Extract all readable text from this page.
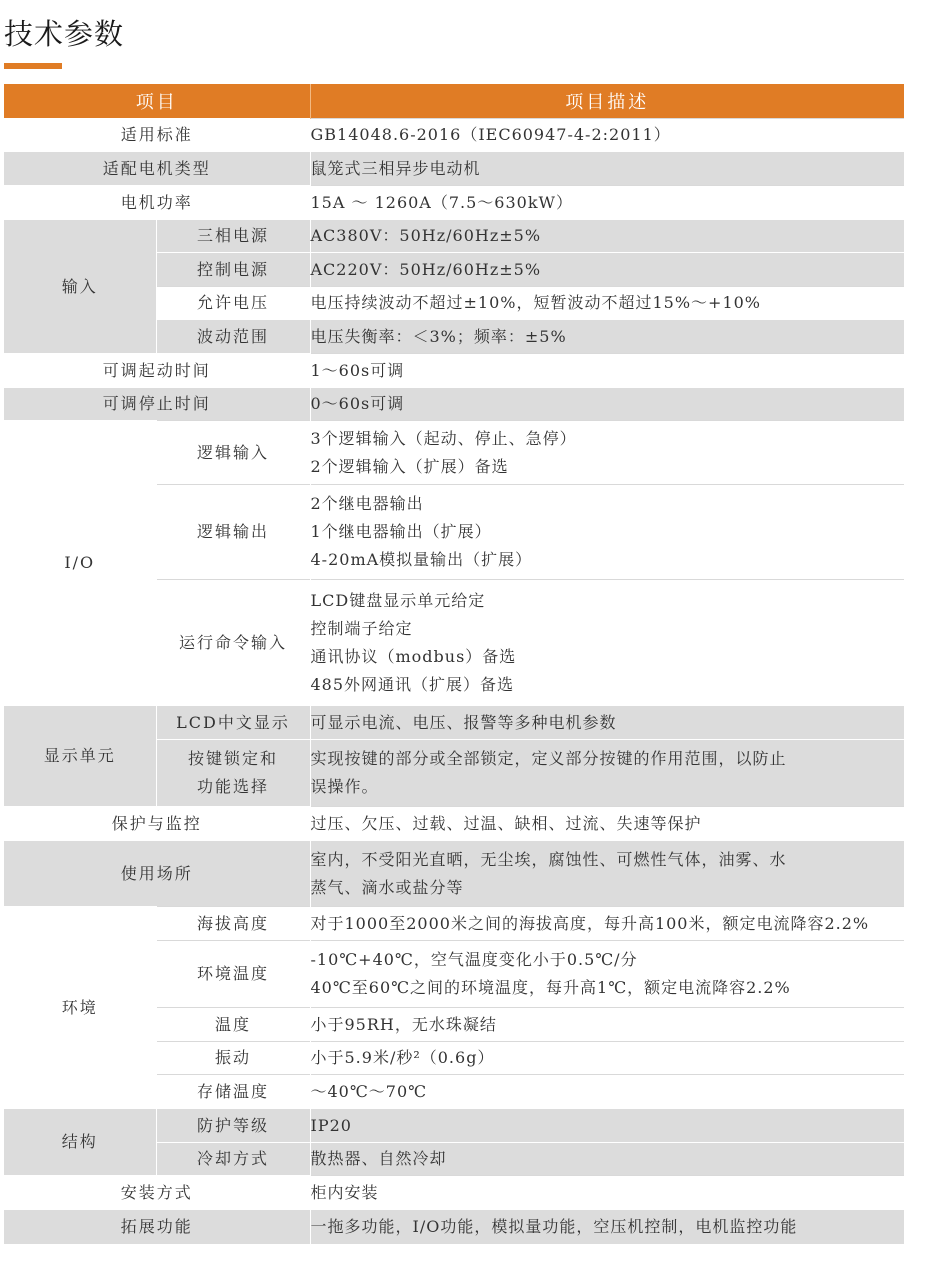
技术参数
项目		项目描述
适用标准		GB14048.6-2016（IEC60947-4-2:2011）
适配电机类型		鼠笼式三相异步电动机
电机功率		15A ～ 1260A（7.5～630kW）
输入	三相电源	AC380V：50Hz/60Hz±5%
	控制电源	AC220V：50Hz/60Hz±5%
	允许电压	电压持续波动不超过±10%，短暂波动不超过15%～+10%
	波动范围	电压失衡率：＜3%；频率：±5%
可调起动时间		1～60s可调
可调停止时间		0～60s可调
I/O	逻辑输入	3个逻辑输入（起动、停止、急停）
2个逻辑输入（扩展）备选

	逻辑输出	2个继电器输出
1个继电器输出（扩展）
4-20mA模拟量输出（扩展）

	运行命令输入	LCD键盘显示单元给定
控制端子给定
通讯协议（modbus）备选
485外网通讯（扩展）备选

显示单元	LCD中文显示	可显示电流、电压、报警等多种电机参数

	按键锁定和
功能选择	实现按键的部分或全部锁定，定义部分按键的作用范围，以防止
误操作。

保护与监控		过压、欠压、过载、过温、缺相、过流、失速等保护
使用场所		室内，不受阳光直晒，无尘埃，腐蚀性、可燃性气体，油雾、水
蒸气、滴水或盐分等

环境	海拔高度	对于1000至2000米之间的海拔高度，每升高100米，额定电流降容2.2%
	环境温度	-10℃+40℃，空气温度变化小于0.5℃/分
40℃至60℃之间的环境温度，每升高1℃，额定电流降容2.2%

	温度	小于95RH，无水珠凝结
	振动	小于5.9米/秒²（0.6g）
	存储温度	～40℃～70℃
结构	防护等级	IP20
	冷却方式	散热器、自然冷却
安装方式		柜内安装
拓展功能		一拖多功能，I/O功能，模拟量功能，空压机控制，电机监控功能
